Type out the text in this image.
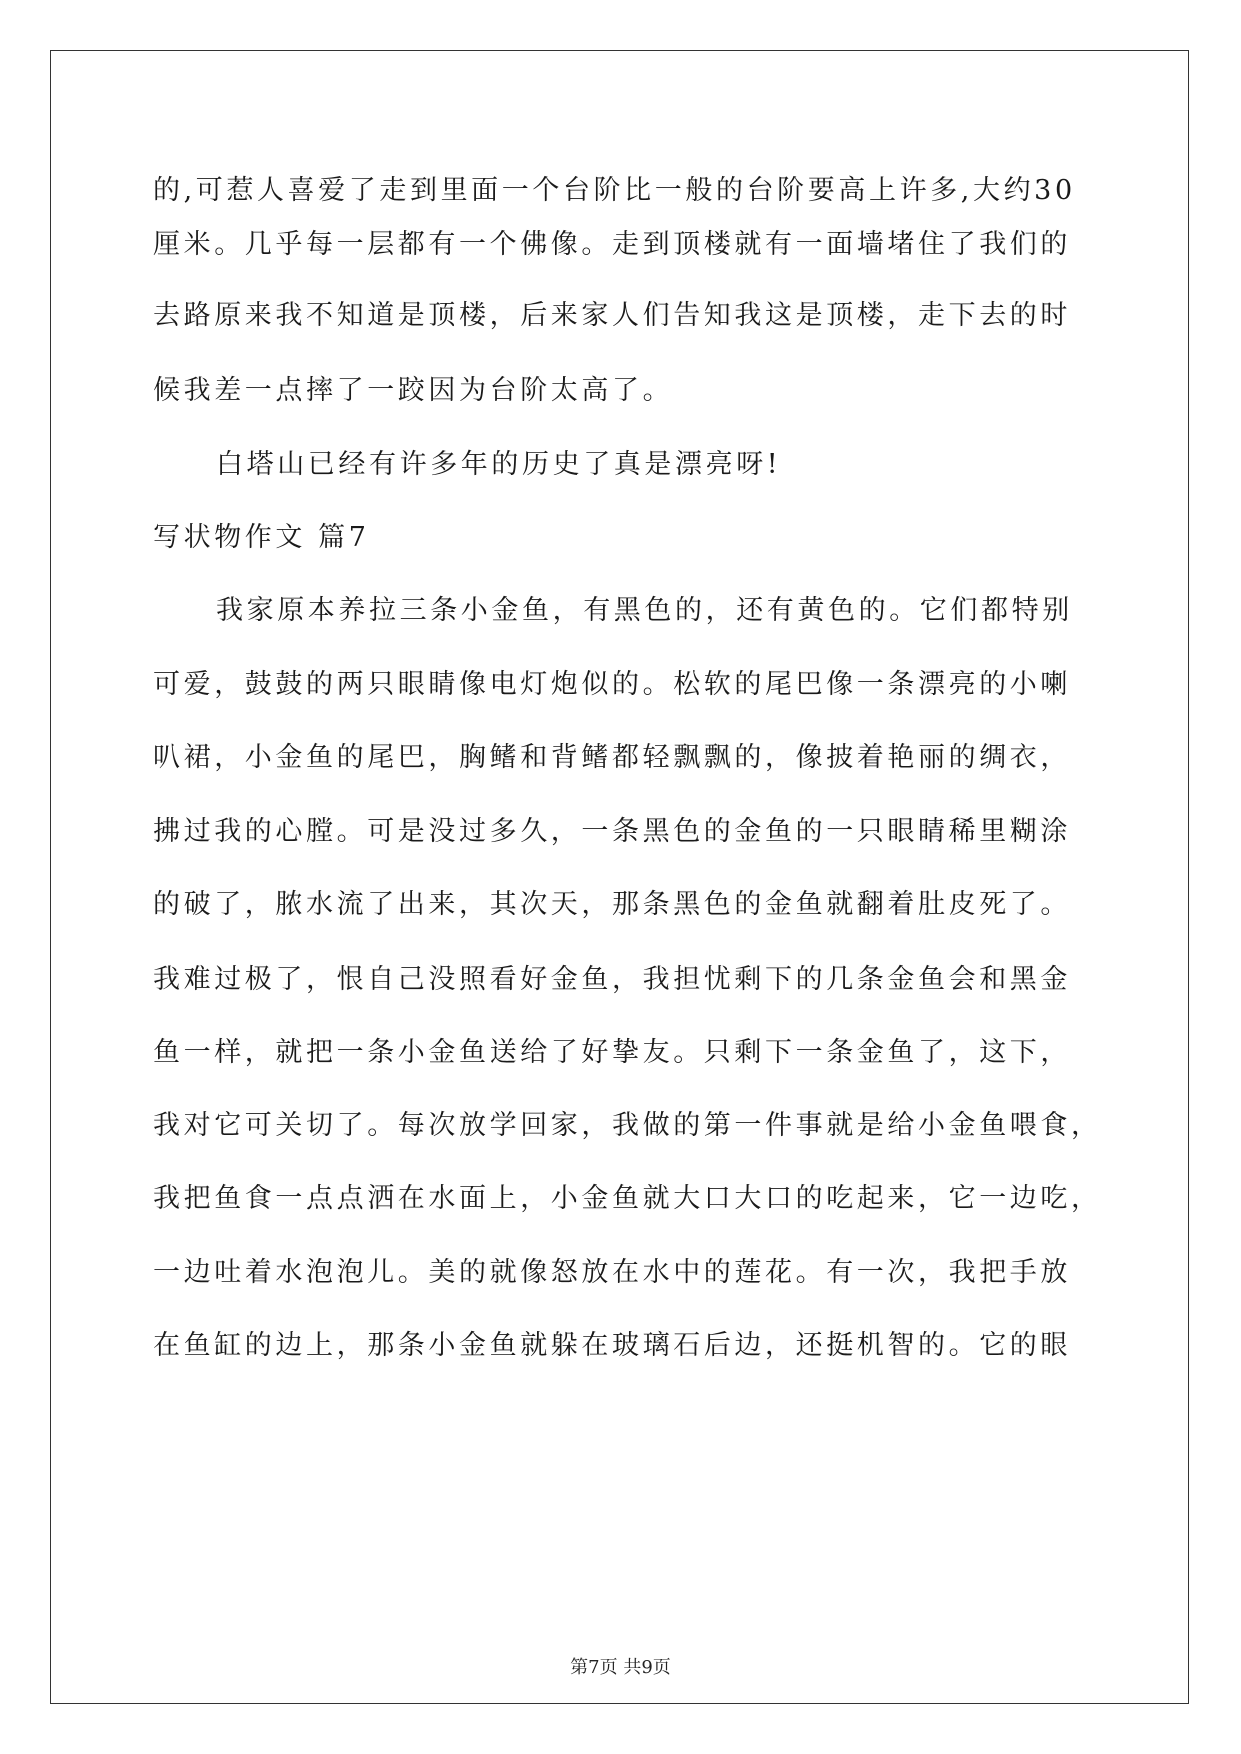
的,可惹人喜爱了走到里面一个台阶比一般的台阶要高上许多,大约30

厘米。几乎每一层都有一个佛像。走到顶楼就有一面墙堵住了我们的

去路原来我不知道是顶楼，后来家人们告知我这是顶楼，走下去的时

候我差一点摔了一跤因为台阶太高了。

白塔山已经有许多年的历史了真是漂亮呀!

写状物作文 篇7

我家原本养拉三条小金鱼，有黑色的，还有黄色的。它们都特别

可爱，鼓鼓的两只眼睛像电灯炮似的。松软的尾巴像一条漂亮的小喇

叭裙，小金鱼的尾巴，胸鳍和背鳍都轻飘飘的，像披着艳丽的绸衣，

拂过我的心膛。可是没过多久，一条黑色的金鱼的一只眼睛稀里糊涂

的破了，脓水流了出来，其次天，那条黑色的金鱼就翻着肚皮死了。

我难过极了，恨自己没照看好金鱼，我担忧剩下的几条金鱼会和黑金

鱼一样，就把一条小金鱼送给了好挚友。只剩下一条金鱼了，这下，

我对它可关切了。每次放学回家，我做的第一件事就是给小金鱼喂食，

我把鱼食一点点洒在水面上，小金鱼就大口大口的吃起来，它一边吃，

一边吐着水泡泡儿。美的就像怒放在水中的莲花。有一次，我把手放

在鱼缸的边上，那条小金鱼就躲在玻璃石后边，还挺机智的。它的眼

第7页 共9页
